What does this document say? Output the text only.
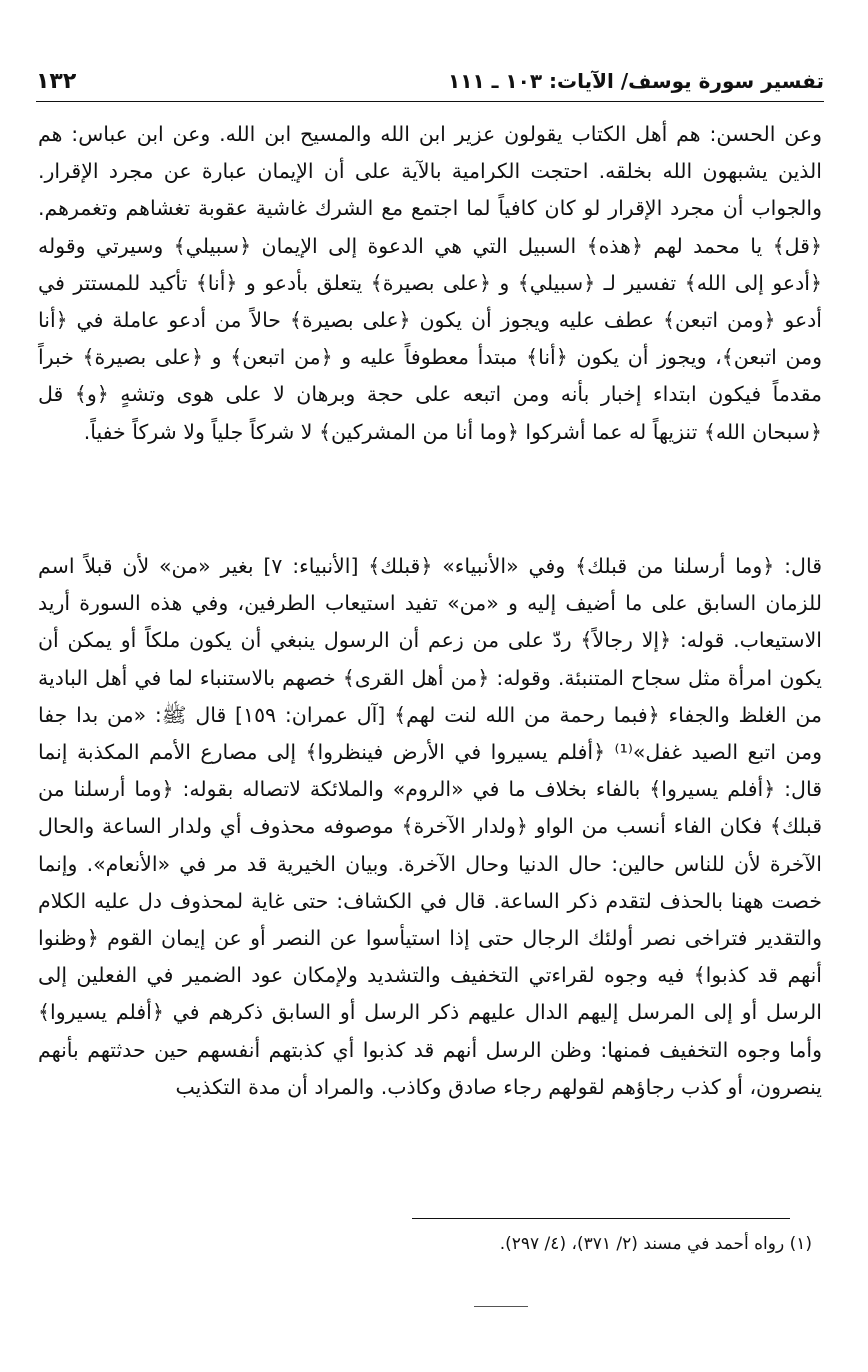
١٣٢	تفسير سورة يوسف/ الآيات: ١٠٣ ـ ١١١

وعن الحسن: هم أهل الكتاب يقولون عزير ابن الله والمسيح ابن الله. وعن ابن عباس: هم الذين يشبهون الله بخلقه. احتجت الكرامية بالآية على أن الإيمان عبارة عن مجرد الإقرار. والجواب أن مجرد الإقرار لو كان كافياً لما اجتمع مع الشرك غاشية عقوبة تغشاهم وتغمرهم. ﴿قل﴾ يا محمد لهم ﴿هذه﴾ السبيل التي هي الدعوة إلى الإيمان ﴿سبيلي﴾ وسيرتي وقوله ﴿أدعو إلى الله﴾ تفسير لـ ﴿سبيلي﴾ و ﴿على بصيرة﴾ يتعلق بأدعو و ﴿أنا﴾ تأكيد للمستتر في أدعو ﴿ومن اتبعن﴾ عطف عليه ويجوز أن يكون ﴿على بصيرة﴾ حالاً من أدعو عاملة في ﴿أنا ومن اتبعن﴾، ويجوز أن يكون ﴿أنا﴾ مبتدأ معطوفاً عليه و ﴿من اتبعن﴾ و ﴿على بصيرة﴾ خبراً مقدماً فيكون ابتداء إخبار بأنه ومن اتبعه على حجة وبرهان لا على هوى وتشهٍ ﴿و﴾ قل ﴿سبحان الله﴾ تنزيهاً له عما أشركوا ﴿وما أنا من المشركين﴾ لا شركاً جلياً ولا شركاً خفياً.

قال: ﴿وما أرسلنا من قبلك﴾ وفي «الأنبياء» ﴿قبلك﴾ [الأنبياء: ٧] بغير «من» لأن قبلاً اسم للزمان السابق على ما أضيف إليه و «من» تفيد استيعاب الطرفين، وفي هذه السورة أريد الاستيعاب. قوله: ﴿إلا رجالاً﴾ ردّ على من زعم أن الرسول ينبغي أن يكون ملكاً أو يمكن أن يكون امرأة مثل سجاح المتنبئة. وقوله: ﴿من أهل القرى﴾ خصهم بالاستنباء لما في أهل البادية من الغلظ والجفاء ﴿فبما رحمة من الله لنت لهم﴾ [آل عمران: ١٥٩] قال ﷺ: «من بدا جفا ومن اتبع الصيد غفل»⁽¹⁾ ﴿أفلم يسيروا في الأرض فينظروا﴾ إلى مصارع الأمم المكذبة إنما قال: ﴿أفلم يسيروا﴾ بالفاء بخلاف ما في «الروم» والملائكة لاتصاله بقوله: ﴿وما أرسلنا من قبلك﴾ فكان الفاء أنسب من الواو ﴿ولدار الآخرة﴾ موصوفه محذوف أي ولدار الساعة والحال الآخرة لأن للناس حالين: حال الدنيا وحال الآخرة. وبيان الخيرية قد مر في «الأنعام». وإنما خصت ههنا بالحذف لتقدم ذكر الساعة. قال في الكشاف: حتى غاية لمحذوف دل عليه الكلام والتقدير فتراخى نصر أولئك الرجال حتى إذا استيأسوا عن النصر أو عن إيمان القوم ﴿وظنوا أنهم قد كذبوا﴾ فيه وجوه لقراءتي التخفيف والتشديد ولإمكان عود الضمير في الفعلين إلى الرسل أو إلى المرسل إليهم الدال عليهم ذكر الرسل أو السابق ذكرهم في ﴿أفلم يسيروا﴾ وأما وجوه التخفيف فمنها: وظن الرسل أنهم قد كذبوا أي كذبتهم أنفسهم حين حدثتهم بأنهم ينصرون، أو كذب رجاؤهم لقولهم رجاء صادق وكاذب. والمراد أن مدة التكذيب

(١) رواه أحمد في مسند (٢/ ٣٧١)، (٤/ ٢٩٧).
